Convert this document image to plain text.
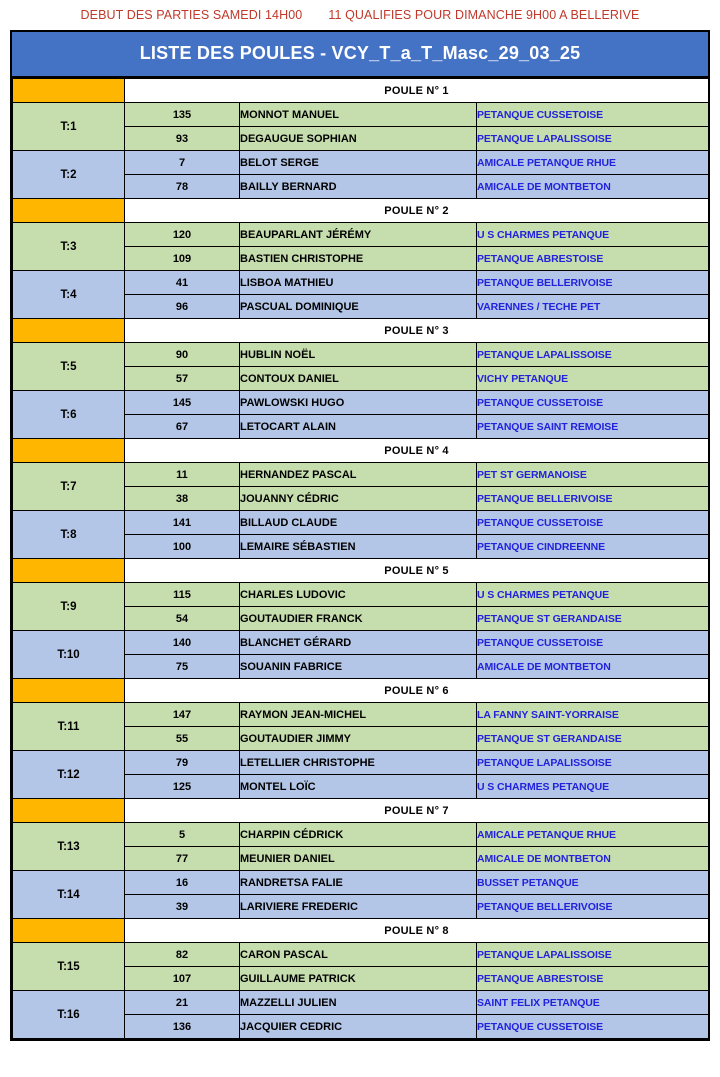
DEBUT DES PARTIES SAMEDI 14H00 11 QUALIFIES POUR DIMANCHE 9H00 A BELLERIVE
LISTE DES POULES - VCY_T_a_T_Masc_29_03_25
	POULE N° 1		
T:1	135	MONNOT MANUEL	PETANQUE CUSSETOISE
	93	DEGAUGUE SOPHIAN	PETANQUE LAPALISSOISE
T:2	7	BELOT SERGE	AMICALE PETANQUE RHUE
	78	BAILLY BERNARD	AMICALE DE MONTBETON
	POULE N° 2		
T:3	120	BEAUPARLANT JÉRÉMY	U S CHARMES PETANQUE
	109	BASTIEN CHRISTOPHE	PETANQUE ABRESTOISE
T:4	41	LISBOA MATHIEU	PETANQUE BELLERIVOISE
	96	PASCUAL DOMINIQUE	VARENNES / TECHE PET
	POULE N° 3		
T:5	90	HUBLIN NOËL	PETANQUE LAPALISSOISE
	57	CONTOUX DANIEL	VICHY PETANQUE
T:6	145	PAWLOWSKI HUGO	PETANQUE CUSSETOISE
	67	LETOCART ALAIN	PETANQUE SAINT REMOISE
	POULE N° 4		
T:7	11	HERNANDEZ PASCAL	PET ST GERMANOISE
	38	JOUANNY CÉDRIC	PETANQUE BELLERIVOISE
T:8	141	BILLAUD CLAUDE	PETANQUE CUSSETOISE
	100	LEMAIRE SÉBASTIEN	PETANQUE CINDREENNE
	POULE N° 5		
T:9	115	CHARLES LUDOVIC	U S CHARMES PETANQUE
	54	GOUTAUDIER FRANCK	PETANQUE ST GERANDAISE
T:10	140	BLANCHET GÉRARD	PETANQUE CUSSETOISE
	75	SOUANIN FABRICE	AMICALE DE MONTBETON
	POULE N° 6		
T:11	147	RAYMON JEAN-MICHEL	LA FANNY SAINT-YORRAISE
	55	GOUTAUDIER JIMMY	PETANQUE ST GERANDAISE
T:12	79	LETELLIER CHRISTOPHE	PETANQUE LAPALISSOISE
	125	MONTEL LOÏC	U S CHARMES PETANQUE
	POULE N° 7		
T:13	5	CHARPIN CÉDRICK	AMICALE PETANQUE RHUE
	77	MEUNIER DANIEL	AMICALE DE MONTBETON
T:14	16	RANDRETSA FALIE	BUSSET PETANQUE
	39	LARIVIERE FREDERIC	PETANQUE BELLERIVOISE
	POULE N° 8		
T:15	82	CARON PASCAL	PETANQUE LAPALISSOISE
	107	GUILLAUME PATRICK	PETANQUE ABRESTOISE
T:16	21	MAZZELLI JULIEN	SAINT FELIX PETANQUE
	136	JACQUIER CEDRIC	PETANQUE CUSSETOISE
